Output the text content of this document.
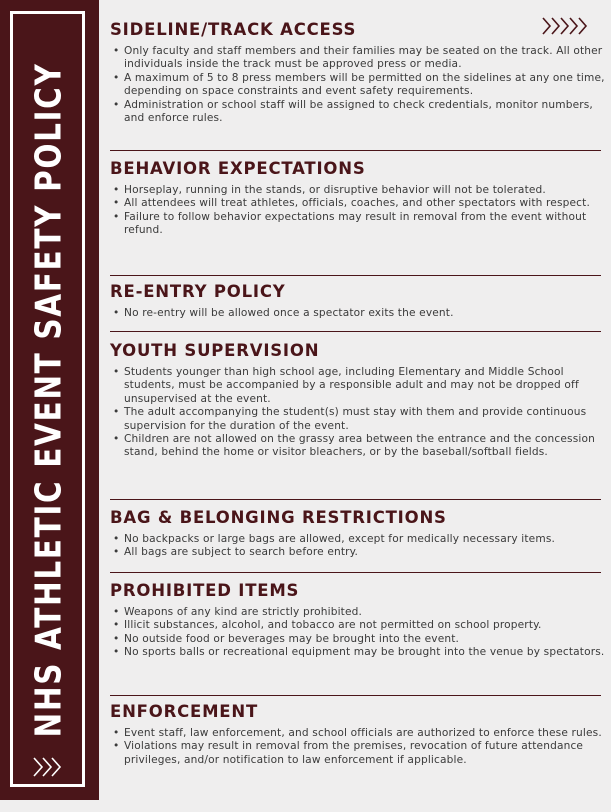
NHS ATHLETIC EVENT SAFETY POLICY
SIDELINE/TRACK ACCESS
• Only faculty and staff members and their families may be seated on the track. All other individuals inside the track must be approved press or media.
• A maximum of 5 to 8 press members will be permitted on the sidelines at any one time, depending on space constraints and event safety requirements.
• Administration or school staff will be assigned to check credentials, monitor numbers, and enforce rules.
BEHAVIOR EXPECTATIONS
• Horseplay, running in the stands, or disruptive behavior will not be tolerated.
• All attendees will treat athletes, officials, coaches, and other spectators with respect.
• Failure to follow behavior expectations may result in removal from the event without refund.
RE-ENTRY POLICY
• No re-entry will be allowed once a spectator exits the event.
YOUTH SUPERVISION
• Students younger than high school age, including Elementary and Middle School students, must be accompanied by a responsible adult and may not be dropped off unsupervised at the event.
• The adult accompanying the student(s) must stay with them and provide continuous supervision for the duration of the event.
• Children are not allowed on the grassy area between the entrance and the concession stand, behind the home or visitor bleachers, or by the baseball/softball fields.
BAG & BELONGING RESTRICTIONS
• No backpacks or large bags are allowed, except for medically necessary items.
• All bags are subject to search before entry.
PROHIBITED ITEMS
• Weapons of any kind are strictly prohibited.
• Illicit substances, alcohol, and tobacco are not permitted on school property.
• No outside food or beverages may be brought into the event.
• No sports balls or recreational equipment may be brought into the venue by spectators.
ENFORCEMENT
• Event staff, law enforcement, and school officials are authorized to enforce these rules.
• Violations may result in removal from the premises, revocation of future attendance privileges, and/or notification to law enforcement if applicable.
